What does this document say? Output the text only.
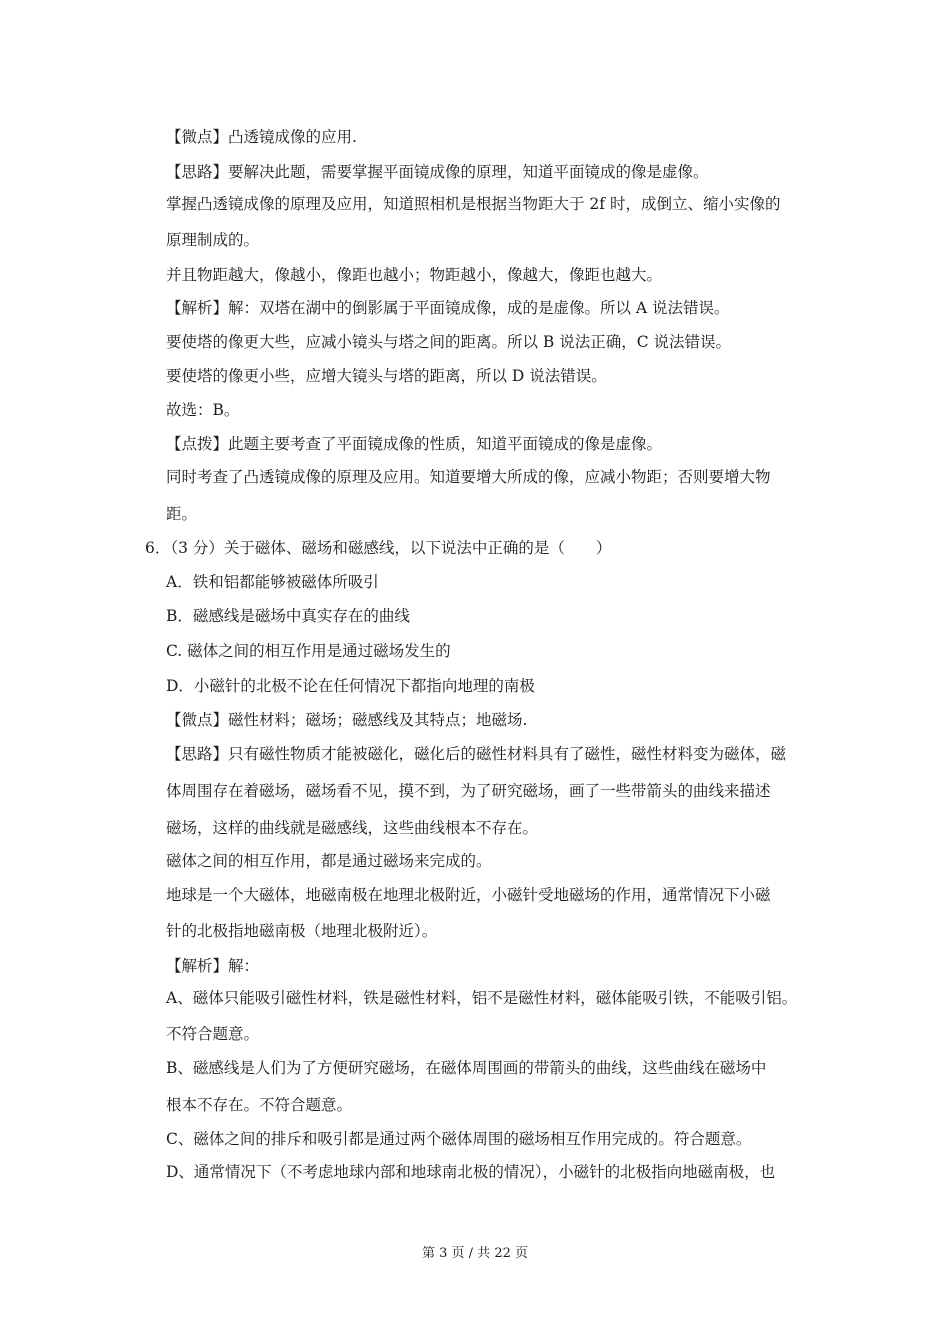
【微点】凸透镜成像的应用.
【思路】要解决此题，需要掌握平面镜成像的原理，知道平面镜成的像是虚像。
掌握凸透镜成像的原理及应用，知道照相机是根据当物距大于 2f 时，成倒立、缩小实像的
原理制成的。
并且物距越大，像越小，像距也越小；物距越小，像越大，像距也越大。
【解析】解：双塔在湖中的倒影属于平面镜成像，成的是虚像。所以 A 说法错误。
要使塔的像更大些，应减小镜头与塔之间的距离。所以 B 说法正确，C 说法错误。
要使塔的像更小些，应增大镜头与塔的距离，所以 D 说法错误。
故选：B。
【点拨】此题主要考查了平面镜成像的性质，知道平面镜成的像是虚像。
同时考查了凸透镜成像的原理及应用。知道要增大所成的像，应减小物距；否则要增大物
距。
6．（3 分）关于磁体、磁场和磁感线，以下说法中正确的是（　　）
A．铁和铝都能够被磁体所吸引
B．磁感线是磁场中真实存在的曲线
C. 磁体之间的相互作用是通过磁场发生的
D．小磁针的北极不论在任何情况下都指向地理的南极
【微点】磁性材料；磁场；磁感线及其特点；地磁场.
【思路】只有磁性物质才能被磁化，磁化后的磁性材料具有了磁性，磁性材料变为磁体，磁
体周围存在着磁场，磁场看不见，摸不到，为了研究磁场，画了一些带箭头的曲线来描述
磁场，这样的曲线就是磁感线，这些曲线根本不存在。
磁体之间的相互作用，都是通过磁场来完成的。
地球是一个大磁体，地磁南极在地理北极附近，小磁针受地磁场的作用，通常情况下小磁
针的北极指地磁南极（地理北极附近）。
【解析】解：
A、磁体只能吸引磁性材料，铁是磁性材料，铝不是磁性材料，磁体能吸引铁，不能吸引铝。
不符合题意。
B、磁感线是人们为了方便研究磁场，在磁体周围画的带箭头的曲线，这些曲线在磁场中
根本不存在。不符合题意。
C、磁体之间的排斥和吸引都是通过两个磁体周围的磁场相互作用完成的。符合题意。
D、通常情况下（不考虑地球内部和地球南北极的情况），小磁针的北极指向地磁南极，也
第 3 页 / 共 22 页
